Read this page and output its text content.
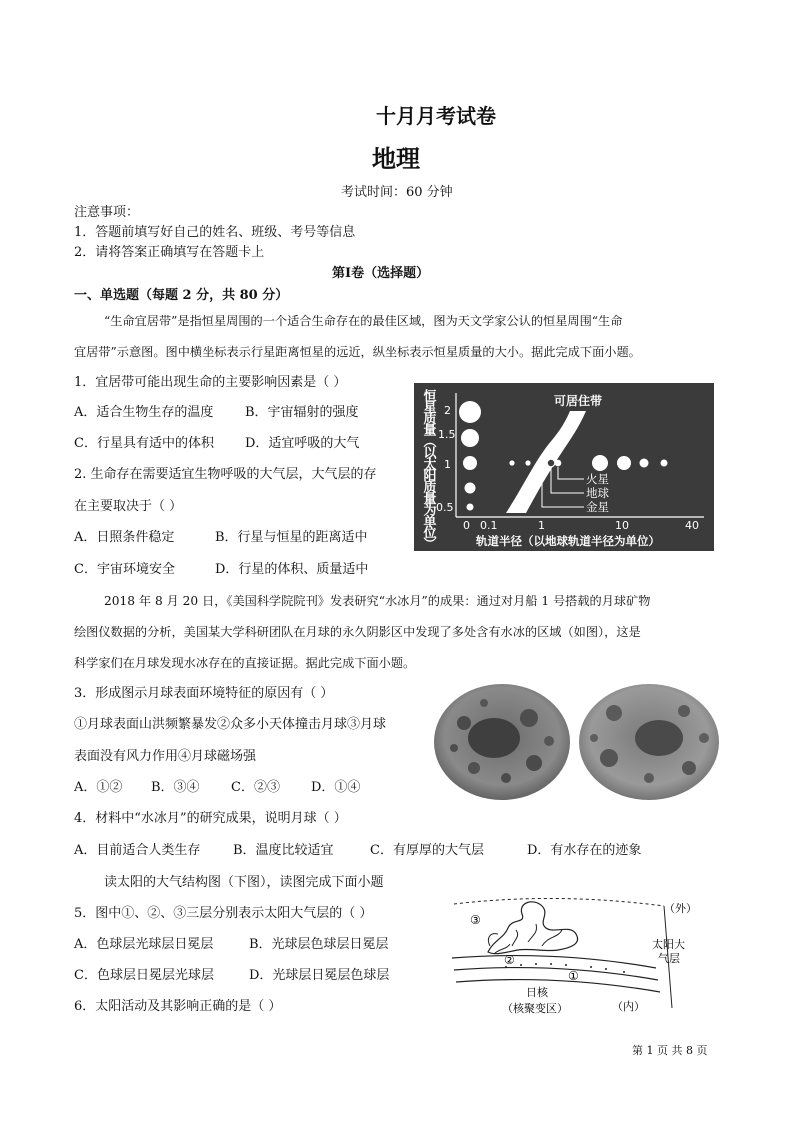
十月月考试卷
地理
考试时间：60 分钟
注意事项：
1．答题前填写好自己的姓名、班级、考号等信息
2．请将答案正确填写在答题卡上
第Ⅰ卷（选择题）
一、单选题（每题 2 分，共 80 分）
“生命宜居带”是指恒星周围的一个适合生命存在的最佳区域，图为天文学家公认的恒星周围“生命
宜居带”示意图。图中横坐标表示行星距离恒星的远近，纵坐标表示恒星质量的大小。据此完成下面小题。
1．宜居带可能出现生命的主要影响因素是（ ）
A．适合生物生存的温度 B．宇宙辐射的强度
C．行星具有适中的体积 D．适宜呼吸的大气
2. 生命存在需要适宜生物呼吸的大气层，大气层的存
在主要取决于（ ）
A．日照条件稳定	B．行星与恒星的距离适中
C．宇宙环境安全	D．行星的体积、质量适中
恒星质量（以太阳质量为单位） 2
1.5
1
0.5
0 0.1	1	10	40
轨道半径（以地球轨道半径为单位）
可居住带
火星
地球
金星
2018 年 8 月 20 日，《美国科学院院刊》发表研究“水冰月”的成果：通过对月船 1 号搭载的月球矿物
绘图仪数据的分析，美国某大学科研团队在月球的永久阴影区中发现了多处含有水冰的区域（如图），这是
科学家们在月球发现水冰存在的直接证据。据此完成下面小题。
3．形成图示月球表面环境特征的原因有（ ）
①月球表面山洪频繁暴发②众多小天体撞击月球③月球
表面没有风力作用④月球磁场强
A．①② B．③④ C．②③ D．①④
4．材料中“水冰月”的研究成果，说明月球（ ）
A．目前适合人类生存	B．温度比较适宜	C．有厚厚的大气层	D．有水存在的迹象
读太阳的大气结构图（下图），读图完成下面小题
5．图中①、②、③三层分别表示太阳大气层的（ ）
A．色球层光球层日冕层	B．光球层色球层日冕层
C．色球层日冕层光球层	D．光球层日冕层色球层
6．太阳活动及其影响正确的是（ ）
③
②
①
（外）
太阳大
气层
日核
（核聚变区）	（内）
第 1 页 共 8 页
